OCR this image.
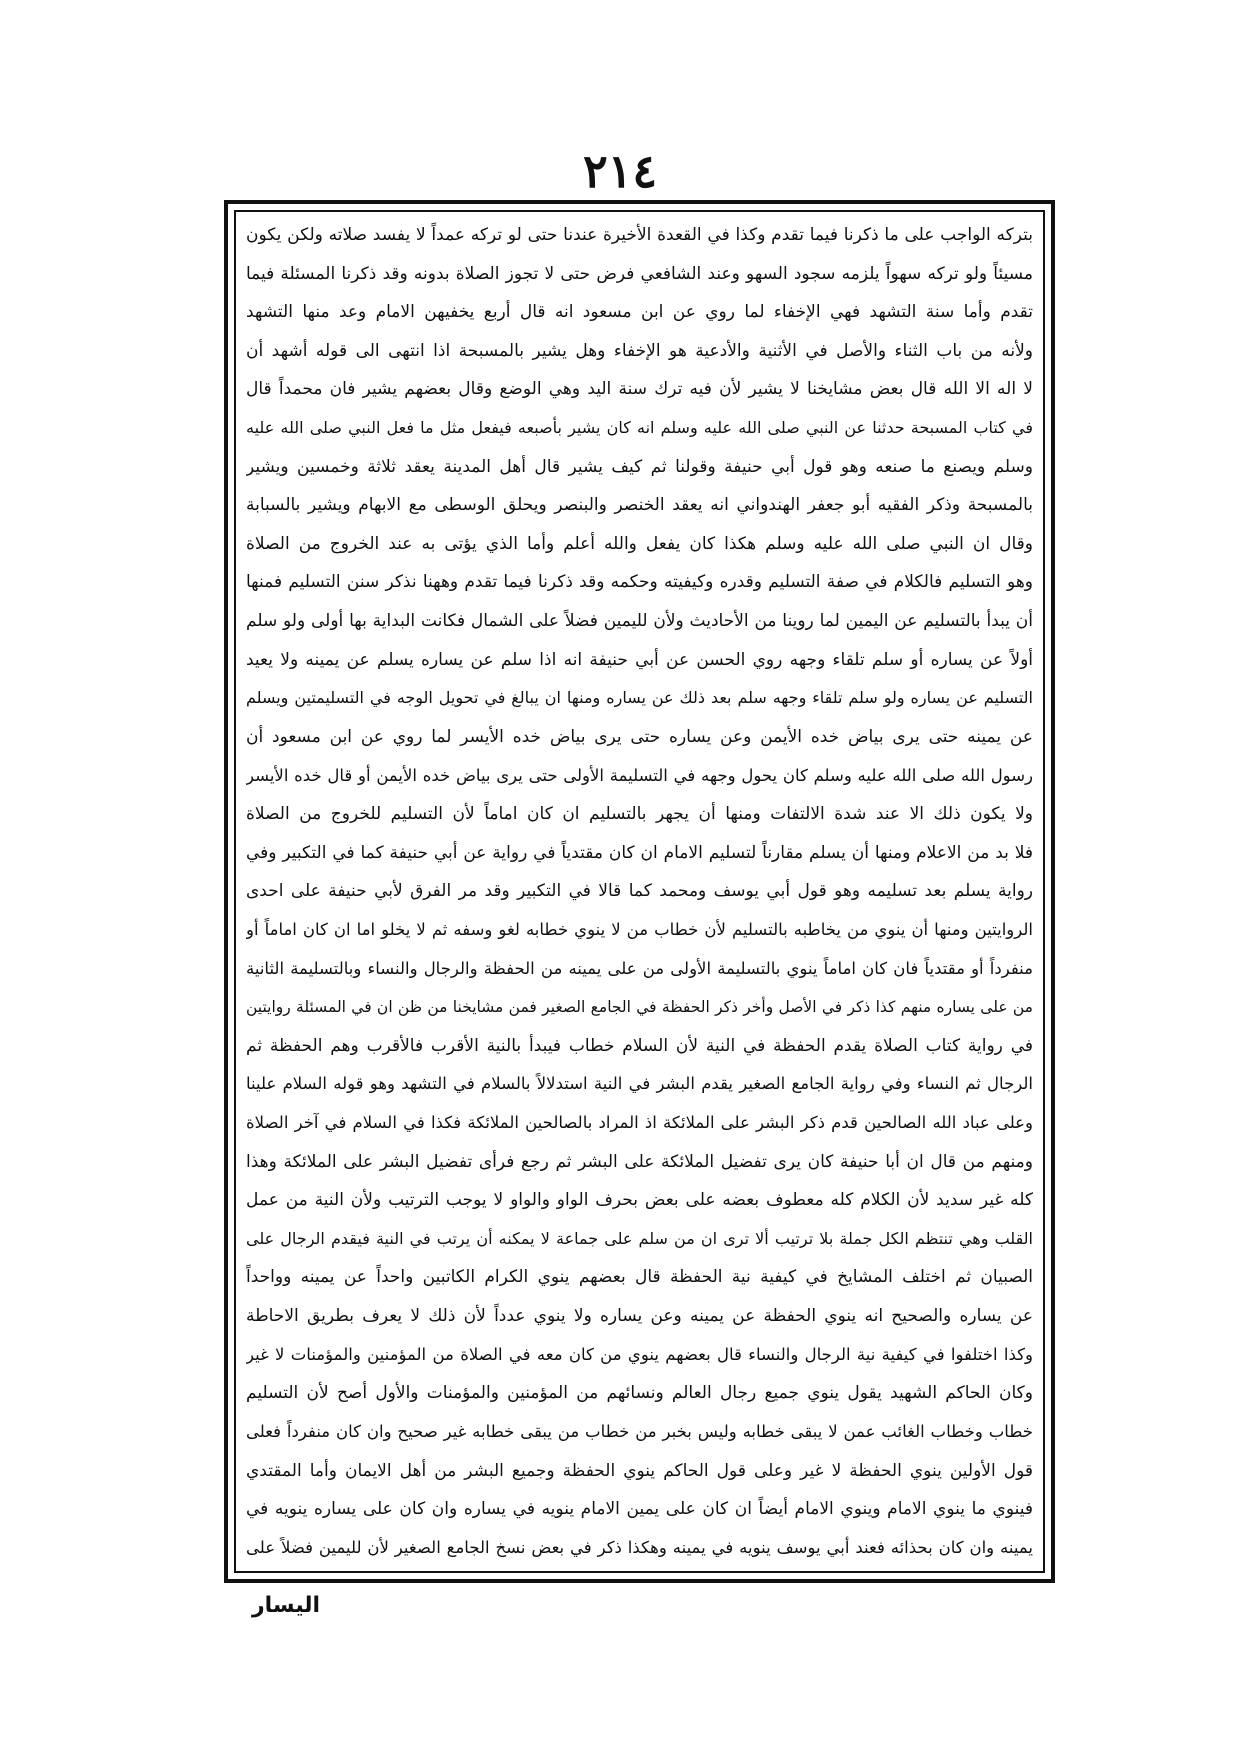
٢١٤
بتركه الواجب على ما ذكرنا فيما تقدم وكذا في القعدة الأخيرة عندنا حتى لو تركه عمداً لا يفسد صلاته ولكن يكون
مسيئاً ولو تركه سهواً يلزمه سجود السهو وعند الشافعي فرض حتى لا تجوز الصلاة بدونه وقد ذكرنا المسئلة فيما
تقدم وأما سنة التشهد فهي الإخفاء لما روي عن ابن مسعود انه قال أربع يخفيهن الامام وعد منها التشهد
ولأنه من باب الثناء والأصل في الأثنية والأدعية هو الإخفاء وهل يشير بالمسبحة اذا انتهى الى قوله أشهد أن
لا اله الا الله قال بعض مشايخنا لا يشير لأن فيه ترك سنة اليد وهي الوضع وقال بعضهم يشير فان محمداً قال
في كتاب المسبحة حدثنا عن النبي صلى الله عليه وسلم انه كان يشير بأصبعه فيفعل مثل ما فعل النبي صلى الله عليه
وسلم ويصنع ما صنعه وهو قول أبي حنيفة وقولنا ثم كيف يشير قال أهل المدينة يعقد ثلاثة وخمسين ويشير
بالمسبحة وذكر الفقيه أبو جعفر الهندواني انه يعقد الخنصر والبنصر ويحلق الوسطى مع الابهام ويشير بالسبابة
وقال ان النبي صلى الله عليه وسلم هكذا كان يفعل والله أعلم وأما الذي يؤتى به عند الخروج من الصلاة
وهو التسليم فالكلام في صفة التسليم وقدره وكيفيته وحكمه وقد ذكرنا فيما تقدم وههنا نذكر سنن التسليم فمنها
أن يبدأ بالتسليم عن اليمين لما روينا من الأحاديث ولأن لليمين فضلاً على الشمال فكانت البداية بها أولى ولو سلم
أولاً عن يساره أو سلم تلقاء وجهه روي الحسن عن أبي حنيفة انه اذا سلم عن يساره يسلم عن يمينه ولا يعيد
التسليم عن يساره ولو سلم تلقاء وجهه سلم بعد ذلك عن يساره ومنها ان يبالغ في تحويل الوجه في التسليمتين ويسلم
عن يمينه حتى يرى بياض خده الأيمن وعن يساره حتى يرى بياض خده الأيسر لما روي عن ابن مسعود أن
رسول الله صلى الله عليه وسلم كان يحول وجهه في التسليمة الأولى حتى يرى بياض خده الأيمن أو قال خده الأيسر
ولا يكون ذلك الا عند شدة الالتفات ومنها أن يجهر بالتسليم ان كان اماماً لأن التسليم للخروج من الصلاة
فلا بد من الاعلام ومنها أن يسلم مقارناً لتسليم الامام ان كان مقتدياً في رواية عن أبي حنيفة كما في التكبير وفي
رواية يسلم بعد تسليمه وهو قول أبي يوسف ومحمد كما قالا في التكبير وقد مر الفرق لأبي حنيفة على احدى
الروايتين ومنها أن ينوي من يخاطبه بالتسليم لأن خطاب من لا ينوي خطابه لغو وسفه ثم لا يخلو اما ان كان اماماً أو
منفرداً أو مقتدياً فان كان اماماً ينوي بالتسليمة الأولى من على يمينه من الحفظة والرجال والنساء وبالتسليمة الثانية
من على يساره منهم كذا ذكر في الأصل وأخر ذكر الحفظة في الجامع الصغير فمن مشايخنا من ظن ان في المسئلة روايتين
في رواية كتاب الصلاة يقدم الحفظة في النية لأن السلام خطاب فيبدأ بالنية الأقرب فالأقرب وهم الحفظة ثم
الرجال ثم النساء وفي رواية الجامع الصغير يقدم البشر في النية استدلالاً بالسلام في التشهد وهو قوله السلام علينا
وعلى عباد الله الصالحين قدم ذكر البشر على الملائكة اذ المراد بالصالحين الملائكة فكذا في السلام في آخر الصلاة
ومنهم من قال ان أبا حنيفة كان يرى تفضيل الملائكة على البشر ثم رجع فرأى تفضيل البشر على الملائكة وهذا
كله غير سديد لأن الكلام كله معطوف بعضه على بعض بحرف الواو والواو لا يوجب الترتيب ولأن النية من عمل
القلب وهي تنتظم الكل جملة بلا ترتيب ألا ترى ان من سلم على جماعة لا يمكنه أن يرتب في النية فيقدم الرجال على
الصبيان ثم اختلف المشايخ في كيفية نية الحفظة قال بعضهم ينوي الكرام الكاتبين واحداً عن يمينه وواحداً
عن يساره والصحيح انه ينوي الحفظة عن يمينه وعن يساره ولا ينوي عدداً لأن ذلك لا يعرف بطريق الاحاطة
وكذا اختلفوا في كيفية نية الرجال والنساء قال بعضهم ينوي من كان معه في الصلاة من المؤمنين والمؤمنات لا غير
وكان الحاكم الشهيد يقول ينوي جميع رجال العالم ونسائهم من المؤمنين والمؤمنات والأول أصح لأن التسليم
خطاب وخطاب الغائب عمن لا يبقى خطابه وليس بخبر من خطاب من يبقى خطابه غير صحيح وان كان منفرداً فعلى
قول الأولين ينوي الحفظة لا غير وعلى قول الحاكم ينوي الحفظة وجميع البشر من أهل الايمان وأما المقتدي
فينوي ما ينوي الامام وينوي الامام أيضاً ان كان على يمين الامام ينويه في يساره وان كان على يساره ينويه في
يمينه وان كان بحذائه فعند أبي يوسف ينويه في يمينه وهكذا ذكر في بعض نسخ الجامع الصغير لأن لليمين فضلاً على
اليسار
